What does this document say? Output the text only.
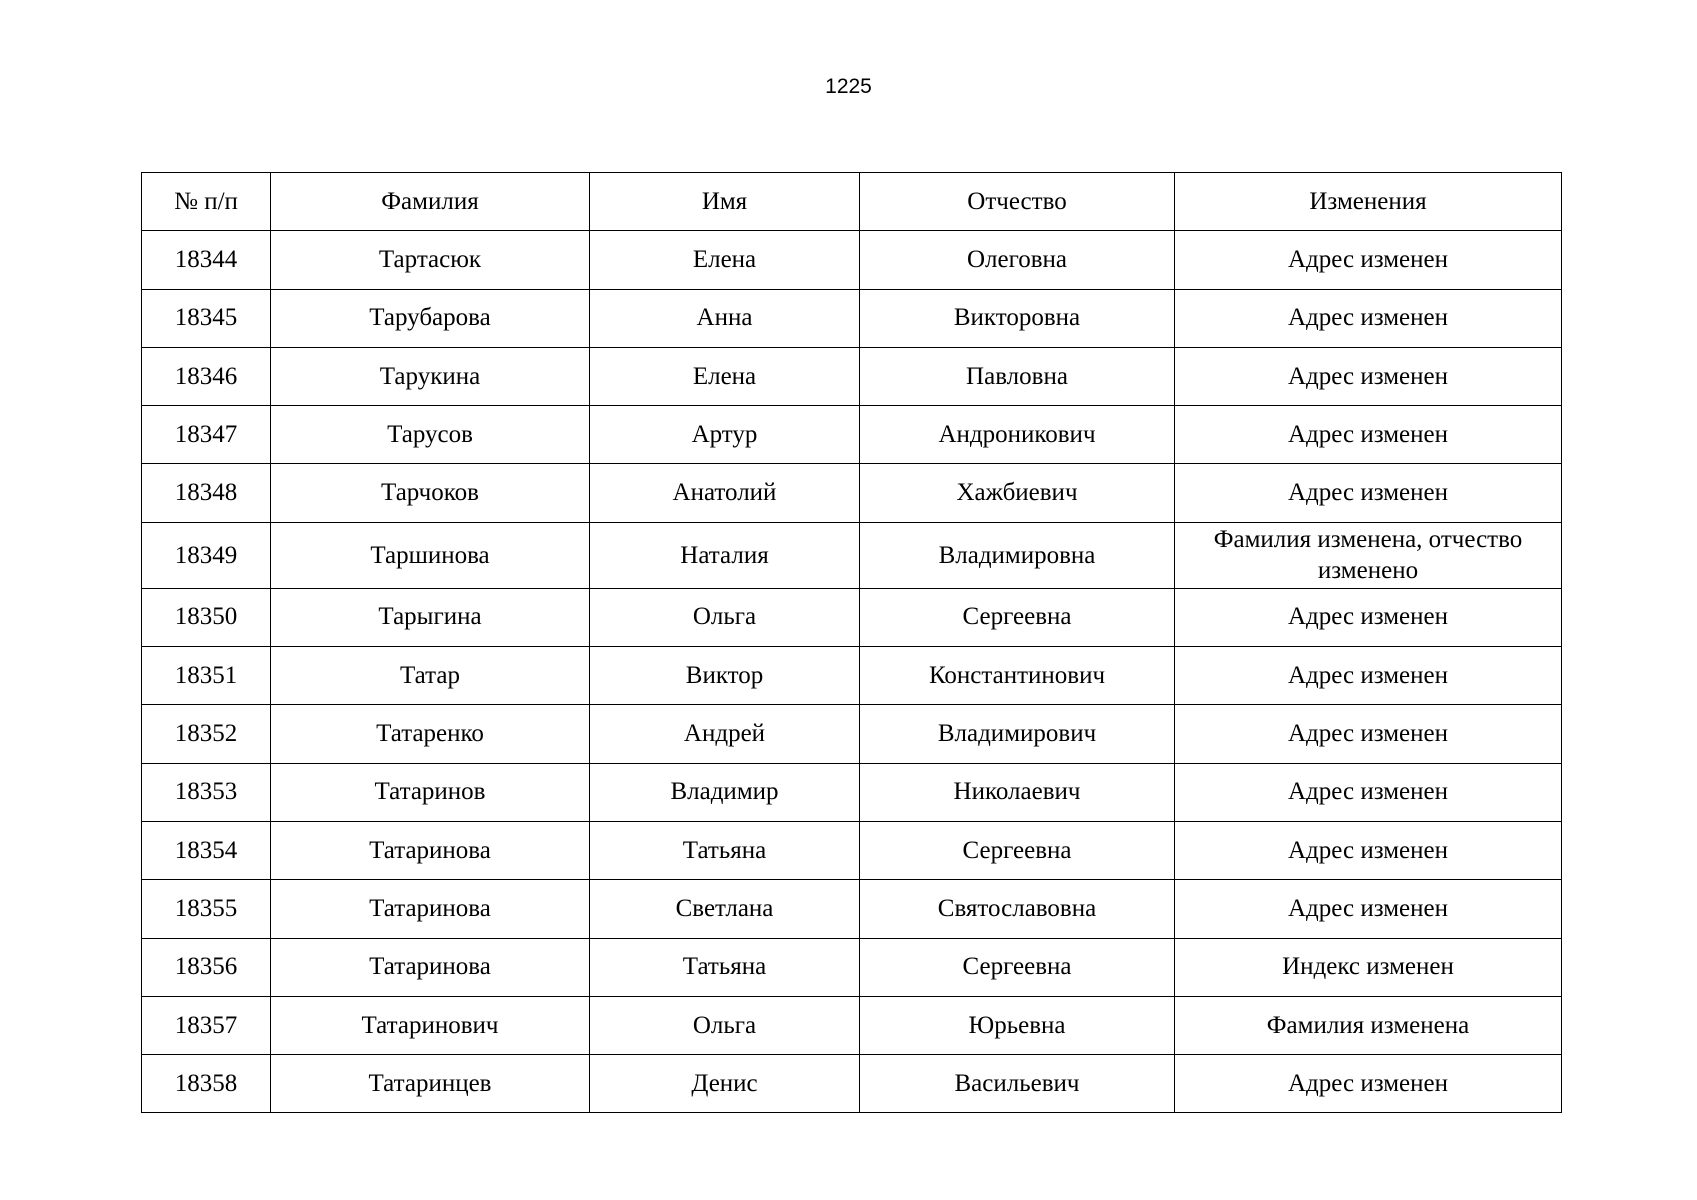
1225
№ п/п	Фамилия	Имя	Отчество	Изменения
18344	Тартасюк	Елена	Олеговна	Адрес изменен
18345	Тарубарова	Анна	Викторовна	Адрес изменен
18346	Тарукина	Елена	Павловна	Адрес изменен
18347	Тарусов	Артур	Андроникович	Адрес изменен
18348	Тарчоков	Анатолий	Хажбиевич	Адрес изменен
18349	Таршинова	Наталия	Владимировна	Фамилия изменена, отчество изменено
18350	Тарыгина	Ольга	Сергеевна	Адрес изменен
18351	Татар	Виктор	Константинович	Адрес изменен
18352	Татаренко	Андрей	Владимирович	Адрес изменен
18353	Татаринов	Владимир	Николаевич	Адрес изменен
18354	Татаринова	Татьяна	Сергеевна	Адрес изменен
18355	Татаринова	Светлана	Святославовна	Адрес изменен
18356	Татаринова	Татьяна	Сергеевна	Индекс изменен
18357	Татаринович	Ольга	Юрьевна	Фамилия изменена
18358	Татаринцев	Денис	Васильевич	Адрес изменен
